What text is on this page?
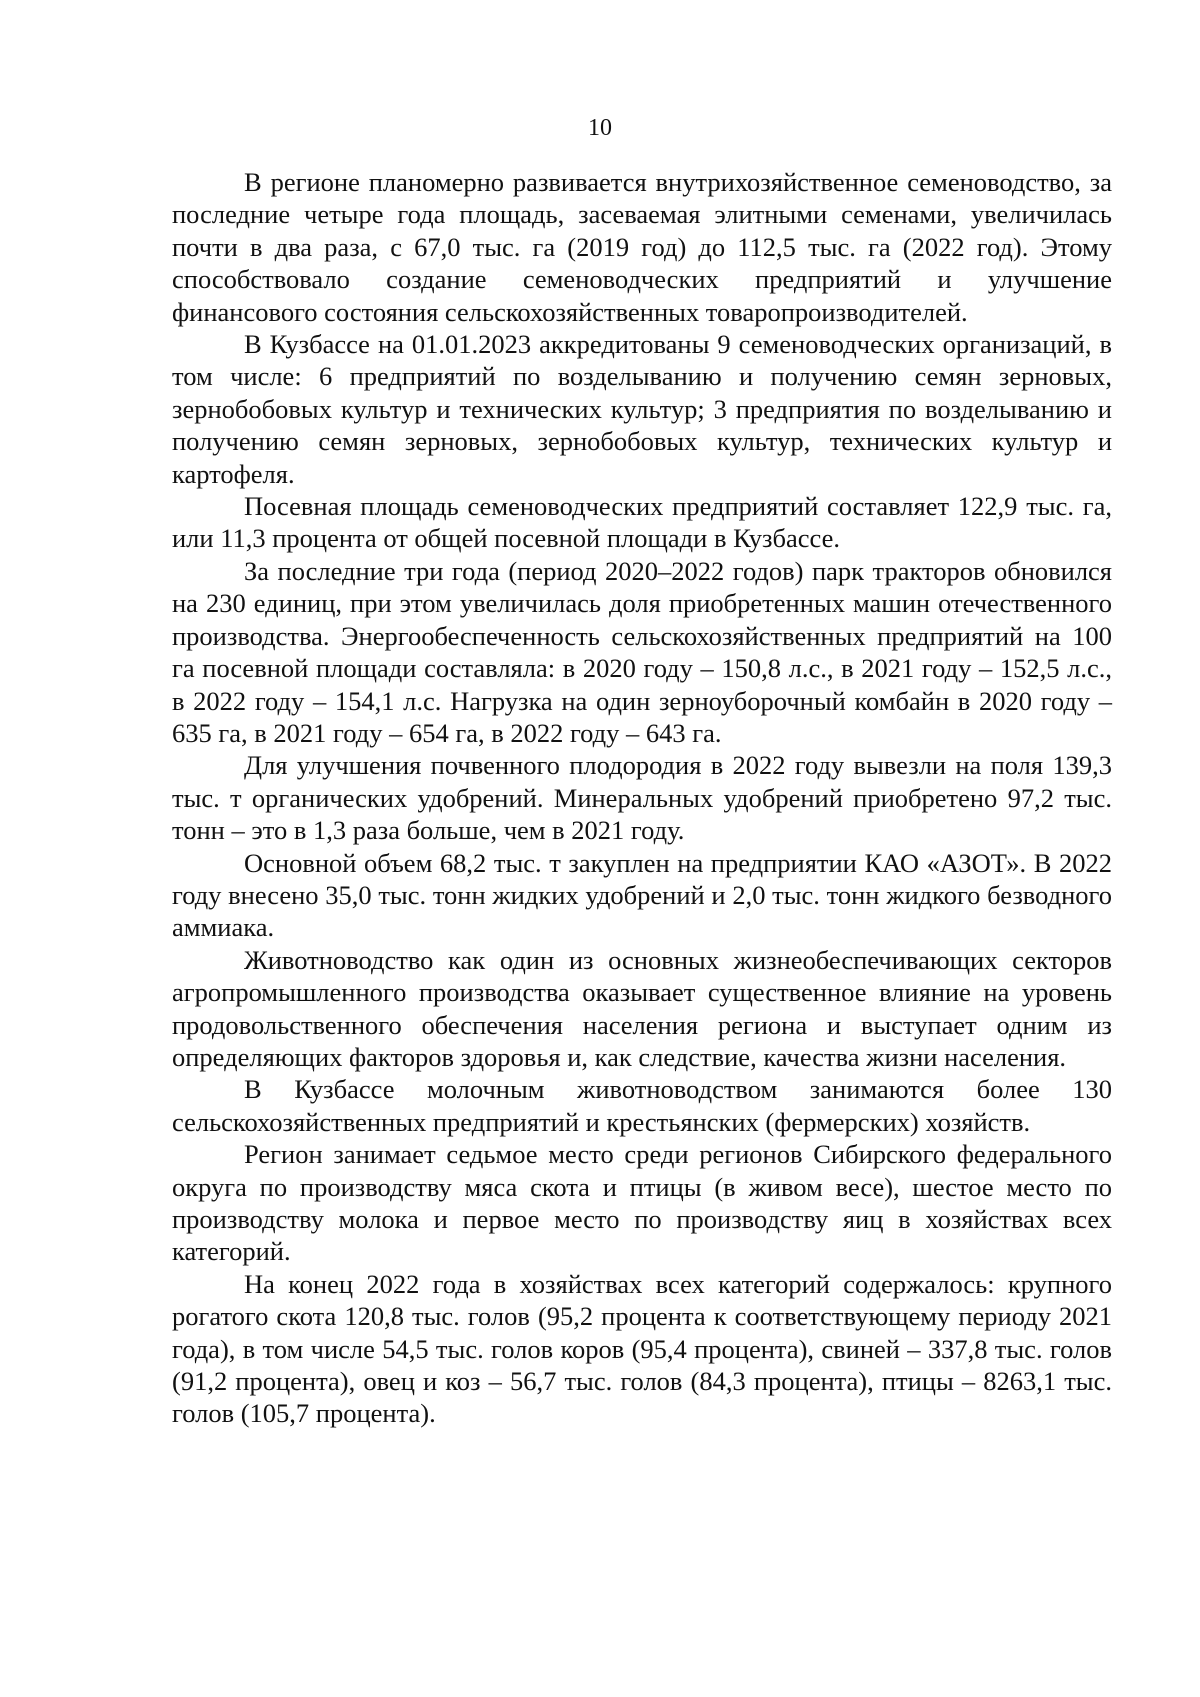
10

В регионе планомерно развивается внутрихозяйственное семеноводство, за последние четыре года площадь, засеваемая элитными семенами, увеличилась почти в два раза, с 67,0 тыс. га (2019 год) до 112,5 тыс. га (2022 год). Этому способствовало создание семеноводческих предприятий и улучшение финансового состояния сельскохозяйственных товаропроизводителей.

В Кузбассе на 01.01.2023 аккредитованы 9 семеноводческих организаций, в том числе: 6 предприятий по возделыванию и получению семян зерновых, зернобобовых культур и технических культур; 3 предприятия по возделыванию и получению семян зерновых, зернобобовых культур, технических культур и картофеля.

Посевная площадь семеноводческих предприятий составляет 122,9 тыс. га, или 11,3 процента от общей посевной площади в Кузбассе.

За последние три года (период 2020–2022 годов) парк тракторов обновился на 230 единиц, при этом увеличилась доля приобретенных машин отечественного производства. Энергообеспеченность сельскохозяйственных предприятий на 100 га посевной площади составляла: в 2020 году – 150,8 л.с., в 2021 году – 152,5 л.с., в 2022 году – 154,1 л.с. Нагрузка на один зерноуборочный комбайн в 2020 году – 635 га, в 2021 году – 654 га, в 2022 году – 643 га.

Для улучшения почвенного плодородия в 2022 году вывезли на поля 139,3 тыс. т органических удобрений. Минеральных удобрений приобретено 97,2 тыс. тонн – это в 1,3 раза больше, чем в 2021 году.

Основной объем 68,2 тыс. т закуплен на предприятии КАО «АЗОТ». В 2022 году внесено 35,0 тыс. тонн жидких удобрений и 2,0 тыс. тонн жидкого безводного аммиака.

Животноводство как один из основных жизнеобеспечивающих секторов агропромышленного производства оказывает существенное влияние на уровень продовольственного обеспечения населения региона и выступает одним из определяющих факторов здоровья и, как следствие, качества жизни населения.

В Кузбассе молочным животноводством занимаются более 130 сельскохозяйственных предприятий и крестьянских (фермерских) хозяйств.

Регион занимает седьмое место среди регионов Сибирского федерального округа по производству мяса скота и птицы (в живом весе), шестое место по производству молока и первое место по производству яиц в хозяйствах всех категорий.

На конец 2022 года в хозяйствах всех категорий содержалось: крупного рогатого скота 120,8 тыс. голов (95,2 процента к соответствующему периоду 2021 года), в том числе 54,5 тыс. голов коров (95,4 процента), свиней – 337,8 тыс. голов (91,2 процента), овец и коз – 56,7 тыс. голов (84,3 процента), птицы – 8263,1 тыс. голов (105,7 процента).
